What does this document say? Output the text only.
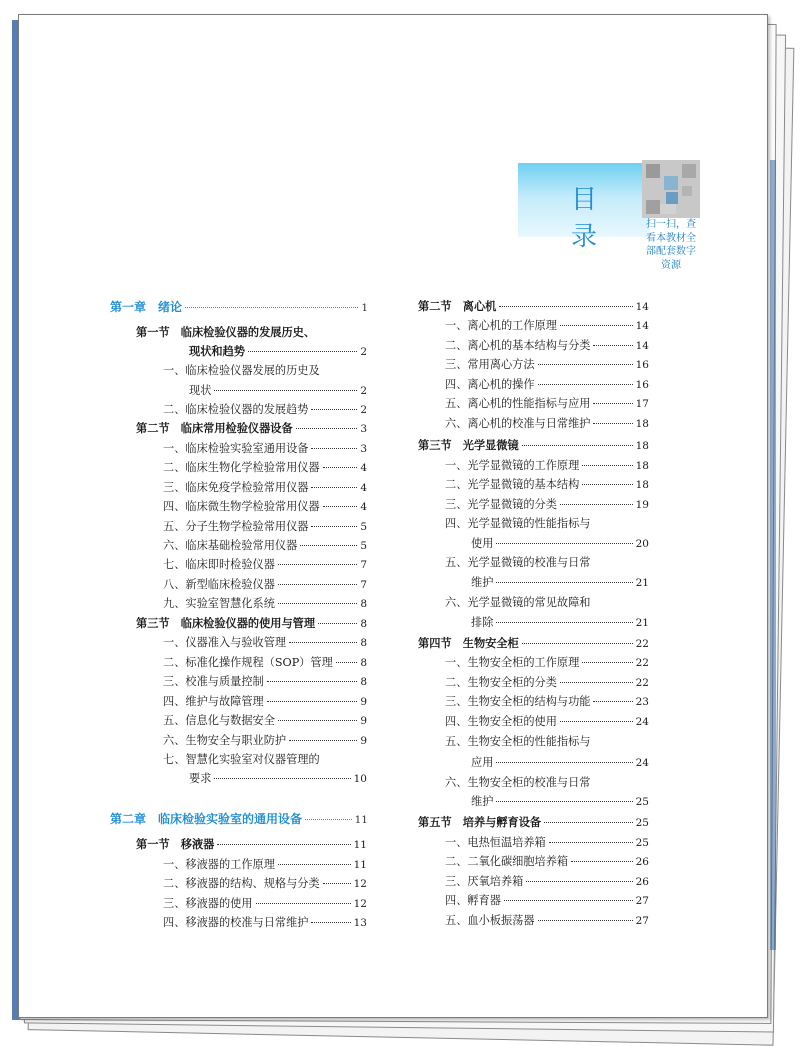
目 录	扫一扫，查
看本教材全
部配套数字
资源
第一章　绪论	1
第一节　临床检验仪器的发展历史、
现状和趋势	2
一、临床检验仪器发展的历史及
现状	2
二、临床检验仪器的发展趋势	2
第二节　临床常用检验仪器设备	3
一、临床检验实验室通用设备	3
二、临床生物化学检验常用仪器	4
三、临床免疫学检验常用仪器	4
四、临床微生物学检验常用仪器	4
五、分子生物学检验常用仪器	5
六、临床基础检验常用仪器	5
七、临床即时检验仪器	7
八、新型临床检验仪器	7
九、实验室智慧化系统	8
第三节　临床检验仪器的使用与管理	8
一、仪器准入与验收管理	8
二、标准化操作规程（SOP）管理	8
三、校准与质量控制	8
四、维护与故障管理	9
五、信息化与数据安全	9
六、生物安全与职业防护	9
七、智慧化实验室对仪器管理的
要求	10
第二章　临床检验实验室的通用设备	11
第一节　移液器	11
一、移液器的工作原理	11
二、移液器的结构、规格与分类	12
三、移液器的使用	12
四、移液器的校准与日常维护	13
第二节　离心机	14
一、离心机的工作原理	14
二、离心机的基本结构与分类	14
三、常用离心方法	16
四、离心机的操作	16
五、离心机的性能指标与应用	17
六、离心机的校准与日常维护	18
第三节　光学显微镜	18
一、光学显微镜的工作原理	18
二、光学显微镜的基本结构	18
三、光学显微镜的分类	19
四、光学显微镜的性能指标与
使用	20
五、光学显微镜的校准与日常
维护	21
六、光学显微镜的常见故障和
排除	21
第四节　生物安全柜	22
一、生物安全柜的工作原理	22
二、生物安全柜的分类	22
三、生物安全柜的结构与功能	23
四、生物安全柜的使用	24
五、生物安全柜的性能指标与
应用	24
六、生物安全柜的校准与日常
维护	25
第五节　培养与孵育设备	25
一、电热恒温培养箱	25
二、二氧化碳细胞培养箱	26
三、厌氧培养箱	26
四、孵育器	27
五、血小板振荡器	27
